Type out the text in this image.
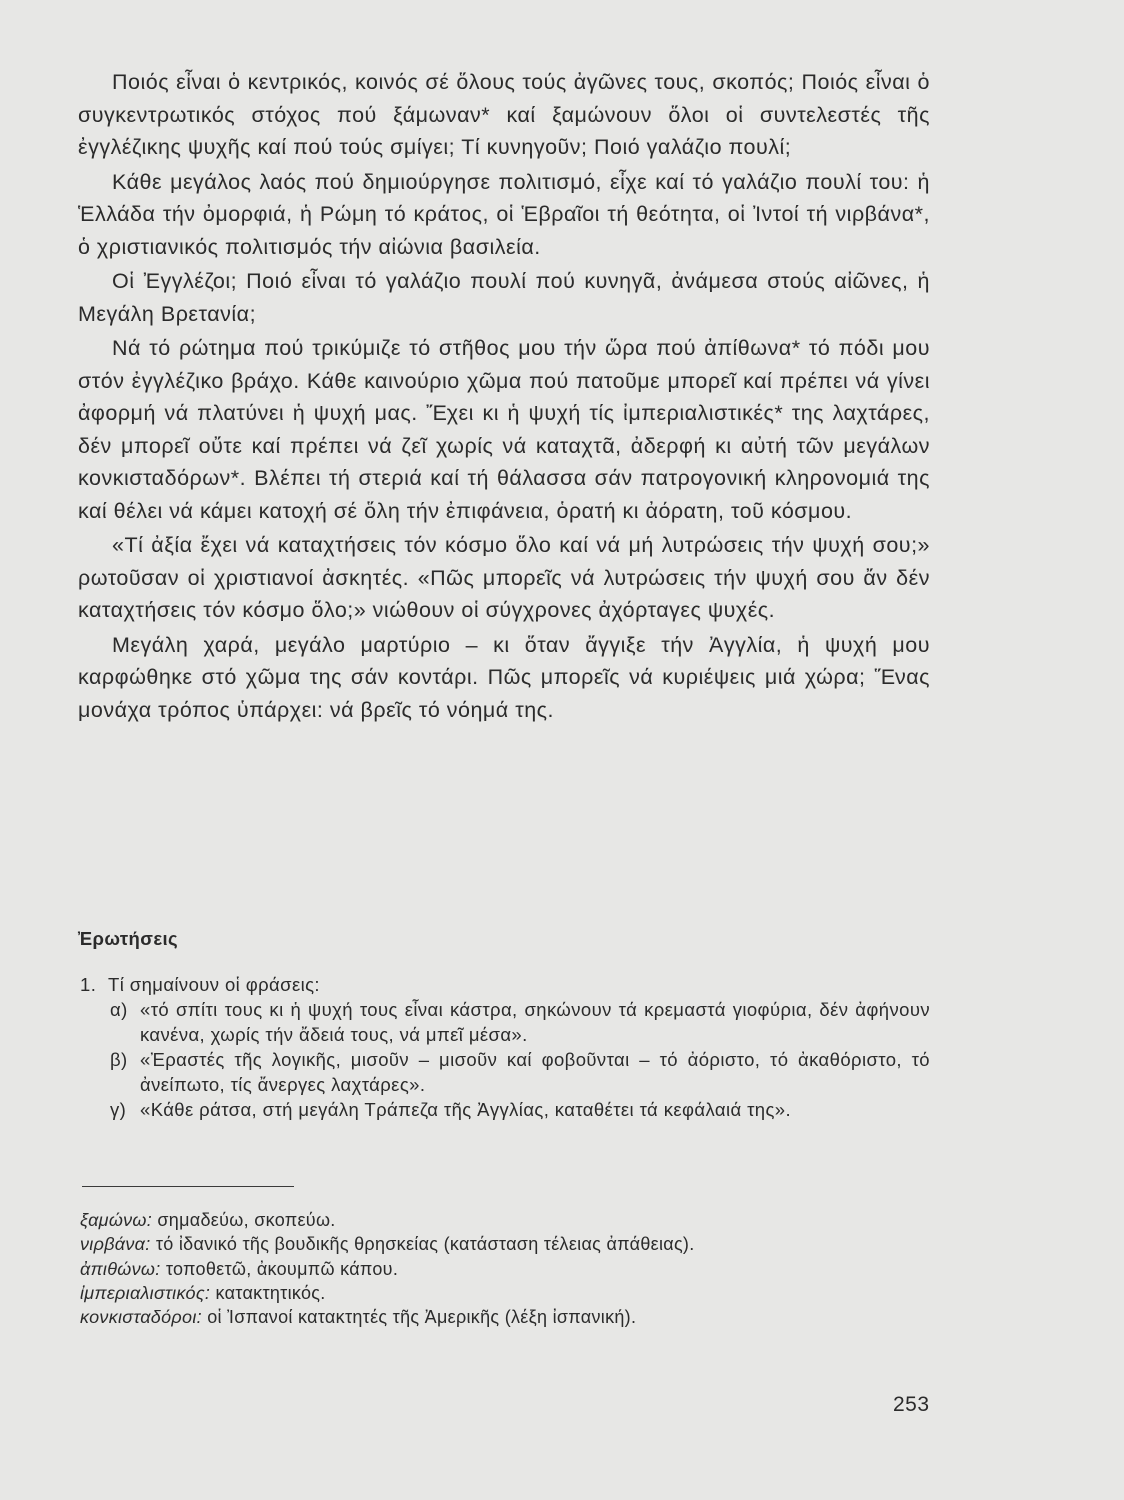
Ποιός εἶναι ὁ κεντρικός, κοινός σέ ὅλους τούς ἀγῶνες τους, σκοπός; Ποιός εἶναι ὁ συγκεντρωτικός στόχος πού ξάμωναν* καί ξαμώνουν ὅλοι οἱ συντελεστές τῆς ἐγγλέζικης ψυχῆς καί πού τούς σμίγει; Τί κυνηγοῦν; Ποιό γαλάζιο πουλί;

Κάθε μεγάλος λαός πού δημιούργησε πολιτισμό, εἶχε καί τό γαλάζιο πουλί του: ἡ Ἑλλάδα τήν ὀμορφιά, ἡ Ρώμη τό κράτος, οἱ Ἑβραῖοι τή θεότητα, οἱ Ἰντοί τή νιρβάνα*, ὁ χριστιανικός πολιτισμός τήν αἰώνια βασιλεία.

Οἱ Ἐγγλέζοι; Ποιό εἶναι τό γαλάζιο πουλί πού κυνηγᾶ, ἀνάμεσα στούς αἰῶνες, ἡ Μεγάλη Βρετανία;

Νά τό ρώτημα πού τρικύμιζε τό στῆθος μου τήν ὥρα πού ἀπίθωνα* τό πόδι μου στόν ἐγγλέζικο βράχο. Κάθε καινούριο χῶμα πού πατοῦμε μπορεῖ καί πρέπει νά γίνει ἀφορμή νά πλατύνει ἡ ψυχή μας. Ἔχει κι ἡ ψυχή τίς ἰμπεριαλιστικές* της λαχτάρες, δέν μπορεῖ οὔτε καί πρέπει νά ζεῖ χωρίς νά καταχτᾶ, ἀδερφή κι αὐτή τῶν μεγάλων κονκισταδόρων*. Βλέπει τή στεριά καί τή θάλασσα σάν πατρογονική κληρονομιά της καί θέλει νά κάμει κατοχή σέ ὅλη τήν ἐπιφάνεια, ὁρατή κι ἀόρατη, τοῦ κόσμου.

«Τί ἀξία ἔχει νά καταχτήσεις τόν κόσμο ὅλο καί νά μή λυτρώσεις τήν ψυχή σου;» ρωτοῦσαν οἱ χριστιανοί ἀσκητές. «Πῶς μπορεῖς νά λυτρώσεις τήν ψυχή σου ἄν δέν καταχτήσεις τόν κόσμο ὅλο;» νιώθουν οἱ σύγχρονες ἀχόρταγες ψυχές.

Μεγάλη χαρά, μεγάλο μαρτύριο – κι ὅταν ἄγγιξε τήν Ἀγγλία, ἡ ψυχή μου καρφώθηκε στό χῶμα της σάν κοντάρι. Πῶς μπορεῖς νά κυριέψεις μιά χώρα; Ἕνας μονάχα τρόπος ὑπάρχει: νά βρεῖς τό νόημά της.

Ἐρωτήσεις
1. Τί σημαίνουν οἱ φράσεις:
α) «τό σπίτι τους κι ἡ ψυχή τους εἶναι κάστρα, σηκώνουν τά κρεμαστά γιοφύρια, δέν ἀφήνουν κανένα, χωρίς τήν ἄδειά τους, νά μπεῖ μέσα».
β) «Ἐραστές τῆς λογικῆς, μισοῦν – μισοῦν καί φοβοῦνται – τό ἀόριστο, τό ἀκαθόριστο, τό ἀνείπωτο, τίς ἄνεργες λαχτάρες».
γ) «Κάθε ράτσα, στή μεγάλη Τράπεζα τῆς Ἀγγλίας, καταθέτει τά κεφάλαιά της».
ξαμώνω: σημαδεύω, σκοπεύω.
νιρβάνα: τό ἰδανικό τῆς βουδικῆς θρησκείας (κατάσταση τέλειας ἀπάθειας).
ἀπιθώνω: τοποθετῶ, ἀκουμπῶ κάπου.
ἰμπεριαλιστικός: κατακτητικός.
κονκισταδόροι: οἱ Ἰσπανοί κατακτητές τῆς Ἀμερικῆς (λέξη ἰσπανική).
253
